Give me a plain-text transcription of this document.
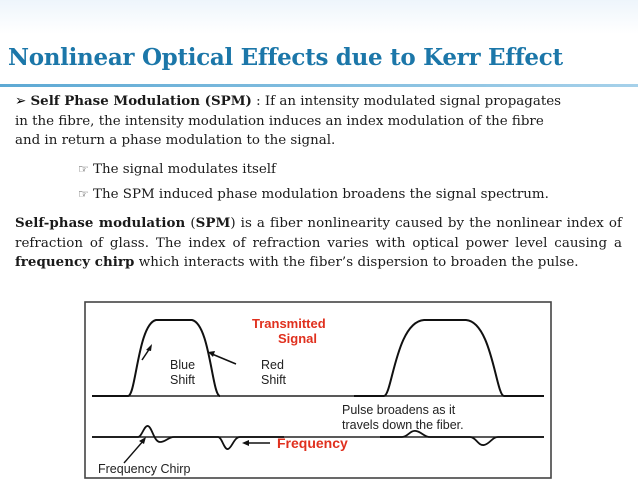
Nonlinear Optical Effects due to Kerr Effect
➢ Self Phase Modulation (SPM) : If an intensity modulated signal propagates
in the fibre, the intensity modulation induces an index modulation of the fibre
and in return a phase modulation to the signal.
☞ The signal modulates itself
☞ The SPM induced phase modulation broadens the signal spectrum.
Self-phase modulation (SPM) is a fiber nonlinearity caused by the nonlinear index of refraction of glass. The index of refraction varies with optical power level causing a frequency chirp which interacts with the fiber’s dispersion to broaden the pulse.
Transmitted
Signal
Blue
Shift
Red
Shift
Pulse broadens as it
travels down the fiber.
Frequency
Frequency Chirp
